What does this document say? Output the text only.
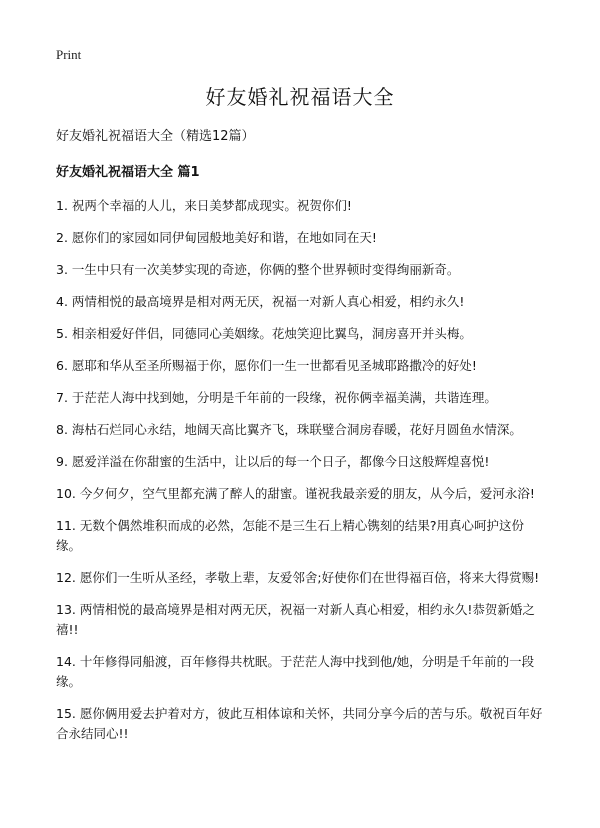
Print
好友婚礼祝福语大全
好友婚礼祝福语大全（精选12篇）
好友婚礼祝福语大全 篇1
1. 祝两个幸福的人儿，来日美梦都成现实。祝贺你们!
2. 愿你们的家园如同伊甸园般地美好和谐，在地如同在天!
3. 一生中只有一次美梦实现的奇迹，你俩的整个世界顿时变得绚丽新奇。
4. 两情相悦的最高境界是相对两无厌，祝福一对新人真心相爱，相约永久!
5. 相亲相爱好伴侣，同德同心美姻缘。花烛笑迎比翼鸟，洞房喜开并头梅。
6. 愿耶和华从至圣所赐福于你，愿你们一生一世都看见圣城耶路撒冷的好处!
7. 于茫茫人海中找到她，分明是千年前的一段缘，祝你俩幸福美满，共谐连理。
8. 海枯石烂同心永结，地阔天高比翼齐飞，珠联璧合洞房春暖，花好月圆鱼水情深。
9. 愿爱洋溢在你甜蜜的生活中，让以后的每一个日子，都像今日这般辉煌喜悦!
10. 今夕何夕，空气里都充满了醉人的甜蜜。谨祝我最亲爱的朋友，从今后，爱河永浴!
11. 无数个偶然堆积而成的必然，怎能不是三生石上精心镌刻的结果?用真心呵护这份缘。
12. 愿你们一生听从圣经，孝敬上辈，友爱邻舍;好使你们在世得福百倍，将来大得赏赐!
13. 两情相悦的最高境界是相对两无厌，祝福一对新人真心相爱，相约永久!恭贺新婚之禧!!
14. 十年修得同船渡，百年修得共枕眠。于茫茫人海中找到他/她，分明是千年前的一段缘。
15. 愿你俩用爱去护着对方，彼此互相体谅和关怀，共同分享今后的苦与乐。敬祝百年好合永结同心!!
